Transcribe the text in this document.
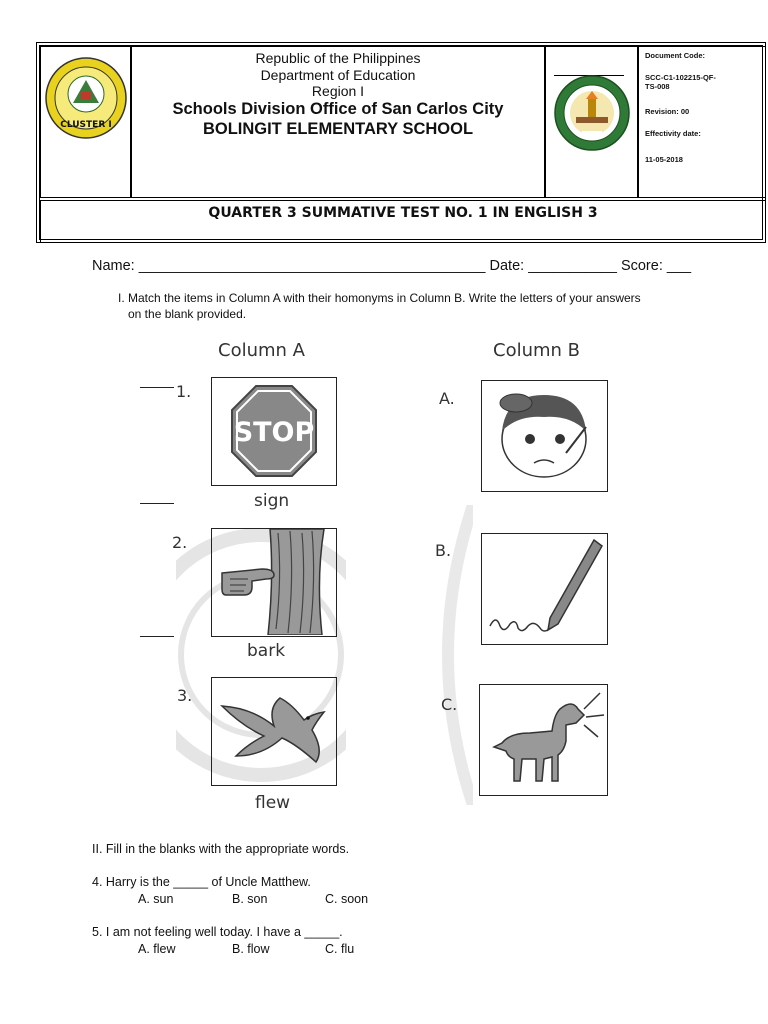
CLUSTER I
Republic of the Philippines
Department of Education
Region I
Schools Division Office of San Carlos City
BOLINGIT ELEMENTARY SCHOOL
Document Code:
SCC-C1-102215-QF-
TS-008
Revision: 00
Effectivity date:
11-05-2018
QUARTER 3 SUMMATIVE TEST NO. 1 IN ENGLISH 3
Name: ___________________________________________ Date: ___________ Score: ___
I. Match the items in Column A with their homonyms in Column B. Write the letters of your answers
on the blank provided.
Column A	Column B
1.
STOP
sign
2.
bark
3.
flew
A.
B.
C.
II. Fill in the blanks with the appropriate words.
4. Harry is the _____ of Uncle Matthew.
A. sun	B. son	C. soon
5. I am not feeling well today. I have a _____.
A. flew	B. flow	C. flu
